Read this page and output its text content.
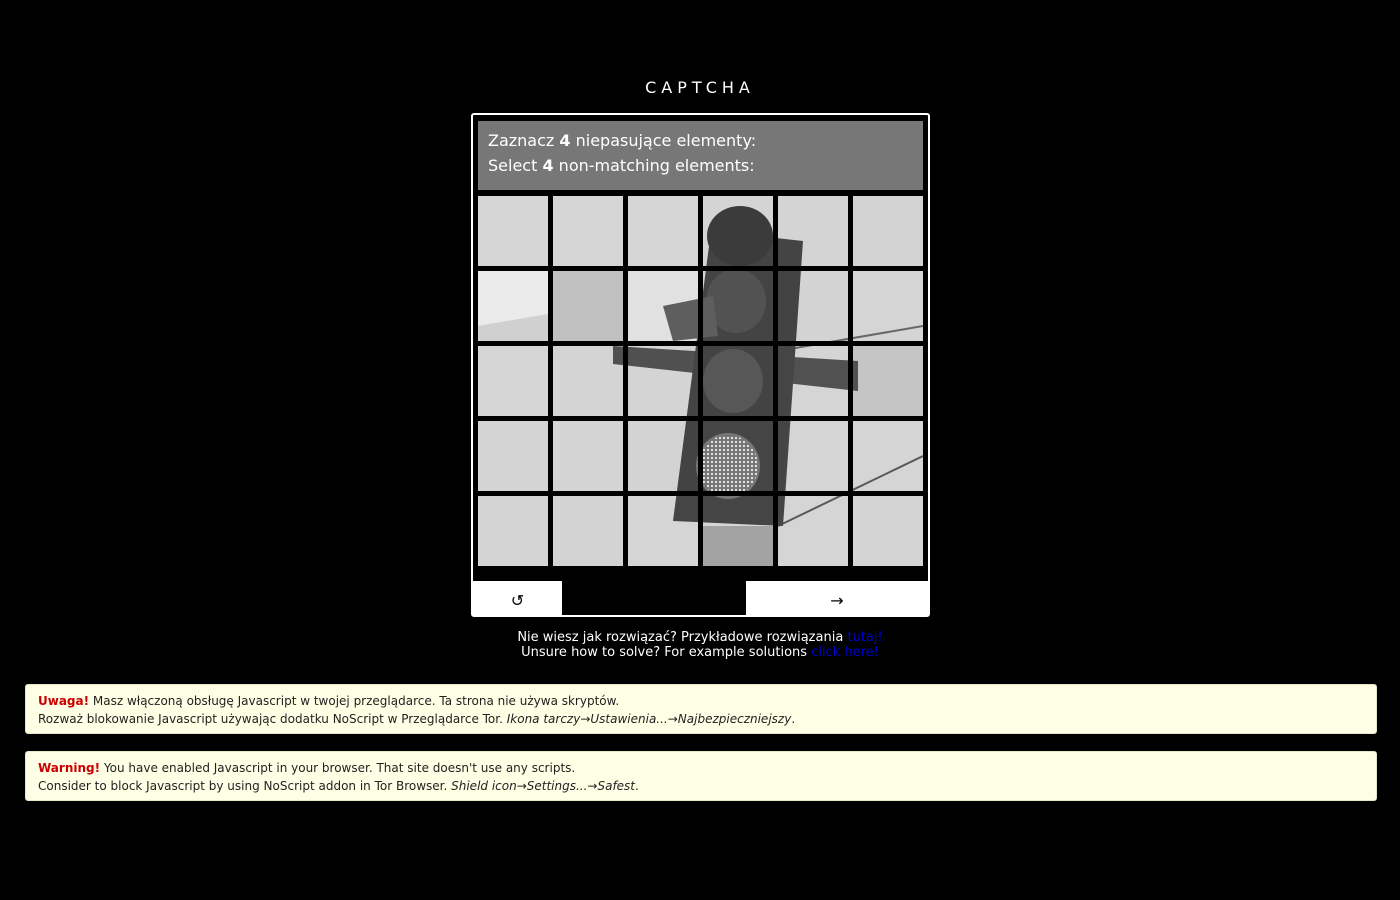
CAPTCHA
Zaznacz 4 niepasujące elementy:
Select 4 non-matching elements:
↺	→
Nie wiesz jak rozwiązać? Przykładowe rozwiązania tutaj!
Unsure how to solve? For example solutions click here!
Uwaga! Masz włączoną obsługę Javascript w twojej przeglądarce. Ta strona nie używa skryptów.
Rozważ blokowanie Javascript używając dodatku NoScript w Przeglądarce Tor. Ikona tarczy→Ustawienia...→Najbezpieczniejszy.
Warning! You have enabled Javascript in your browser. That site doesn't use any scripts.
Consider to block Javascript by using NoScript addon in Tor Browser. Shield icon→Settings...→Safest.
